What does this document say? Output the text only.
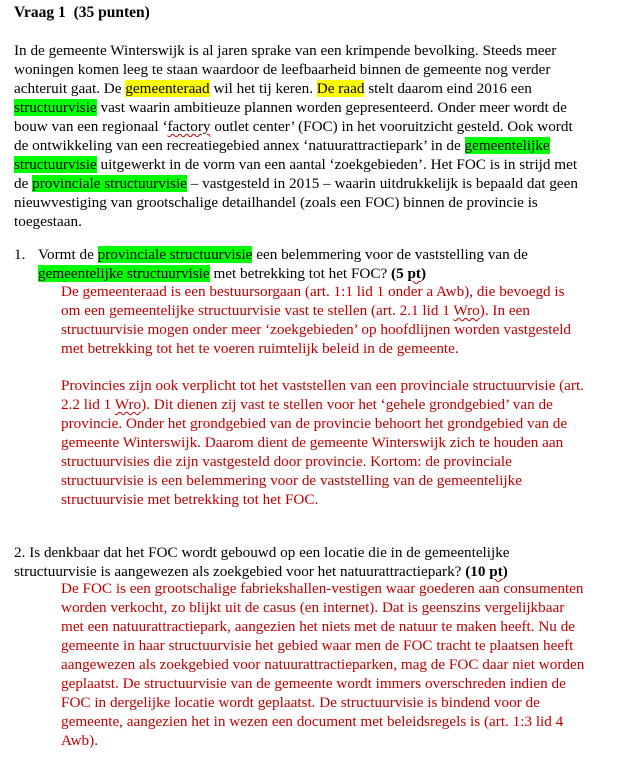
Vraag 1 (35 punten)
In de gemeente Winterswijk is al jaren sprake van een krimpende bevolking. Steeds meer
woningen komen leeg te staan waardoor de leefbaarheid binnen de gemeente nog verder
achteruit gaat. De gemeenteraad wil het tij keren. De raad stelt daarom eind 2016 een
structuurvisie vast waarin ambitieuze plannen worden gepresenteerd. Onder meer wordt de
bouw van een regionaal ‘factory outlet center’ (FOC) in het vooruitzicht gesteld. Ook wordt
de ontwikkeling van een recreatiegebied annex ‘natuurattractiepark’ in de gemeentelijke
structuurvisie uitgewerkt in de vorm van een aantal ‘zoekgebieden’. Het FOC is in strijd met
de provinciale structuurvisie – vastgesteld in 2015 – waarin uitdrukkelijk is bepaald dat geen
nieuwvestiging van grootschalige detailhandel (zoals een FOC) binnen de provincie is
toegestaan.
1. Vormt de provinciale structuurvisie een belemmering voor de vaststelling van de
gemeentelijke structuurvisie met betrekking tot het FOC? (5 pt)
De gemeenteraad is een bestuursorgaan (art. 1:1 lid 1 onder a Awb), die bevoegd is
om een gemeentelijke structuurvisie vast te stellen (art. 2.1 lid 1 Wro). In een
structuurvisie mogen onder meer ‘zoekgebieden’ op hoofdlijnen worden vastgesteld
met betrekking tot het te voeren ruimtelijk beleid in de gemeente.
Provincies zijn ook verplicht tot het vaststellen van een provinciale structuurvisie (art.
2.2 lid 1 Wro). Dit dienen zij vast te stellen voor het ‘gehele grondgebied’ van de
provincie. Onder het grondgebied van de provincie behoort het grondgebied van de
gemeente Winterswijk. Daarom dient de gemeente Winterswijk zich te houden aan
structuurvisies die zijn vastgesteld door provincie. Kortom: de provinciale
structuurvisie is een belemmering voor de vaststelling van de gemeentelijke
structuurvisie met betrekking tot het FOC.
2. Is denkbaar dat het FOC wordt gebouwd op een locatie die in de gemeentelijke
structuurvisie is aangewezen als zoekgebied voor het natuurattractiepark? (10 pt)
De FOC is een grootschalige fabriekshallen-vestigen waar goederen aan consumenten
worden verkocht, zo blijkt uit de casus (en internet). Dat is geenszins vergelijkbaar
met een natuurattractiepark, aangezien het niets met de natuur te maken heeft. Nu de
gemeente in haar structuurvisie het gebied waar men de FOC tracht te plaatsen heeft
aangewezen als zoekgebied voor natuurattractieparken, mag de FOC daar niet worden
geplaatst. De structuurvisie van de gemeente wordt immers overschreden indien de
FOC in dergelijke locatie wordt geplaatst. De structuurvisie is bindend voor de
gemeente, aangezien het in wezen een document met beleidsregels is (art. 1:3 lid 4
Awb).
